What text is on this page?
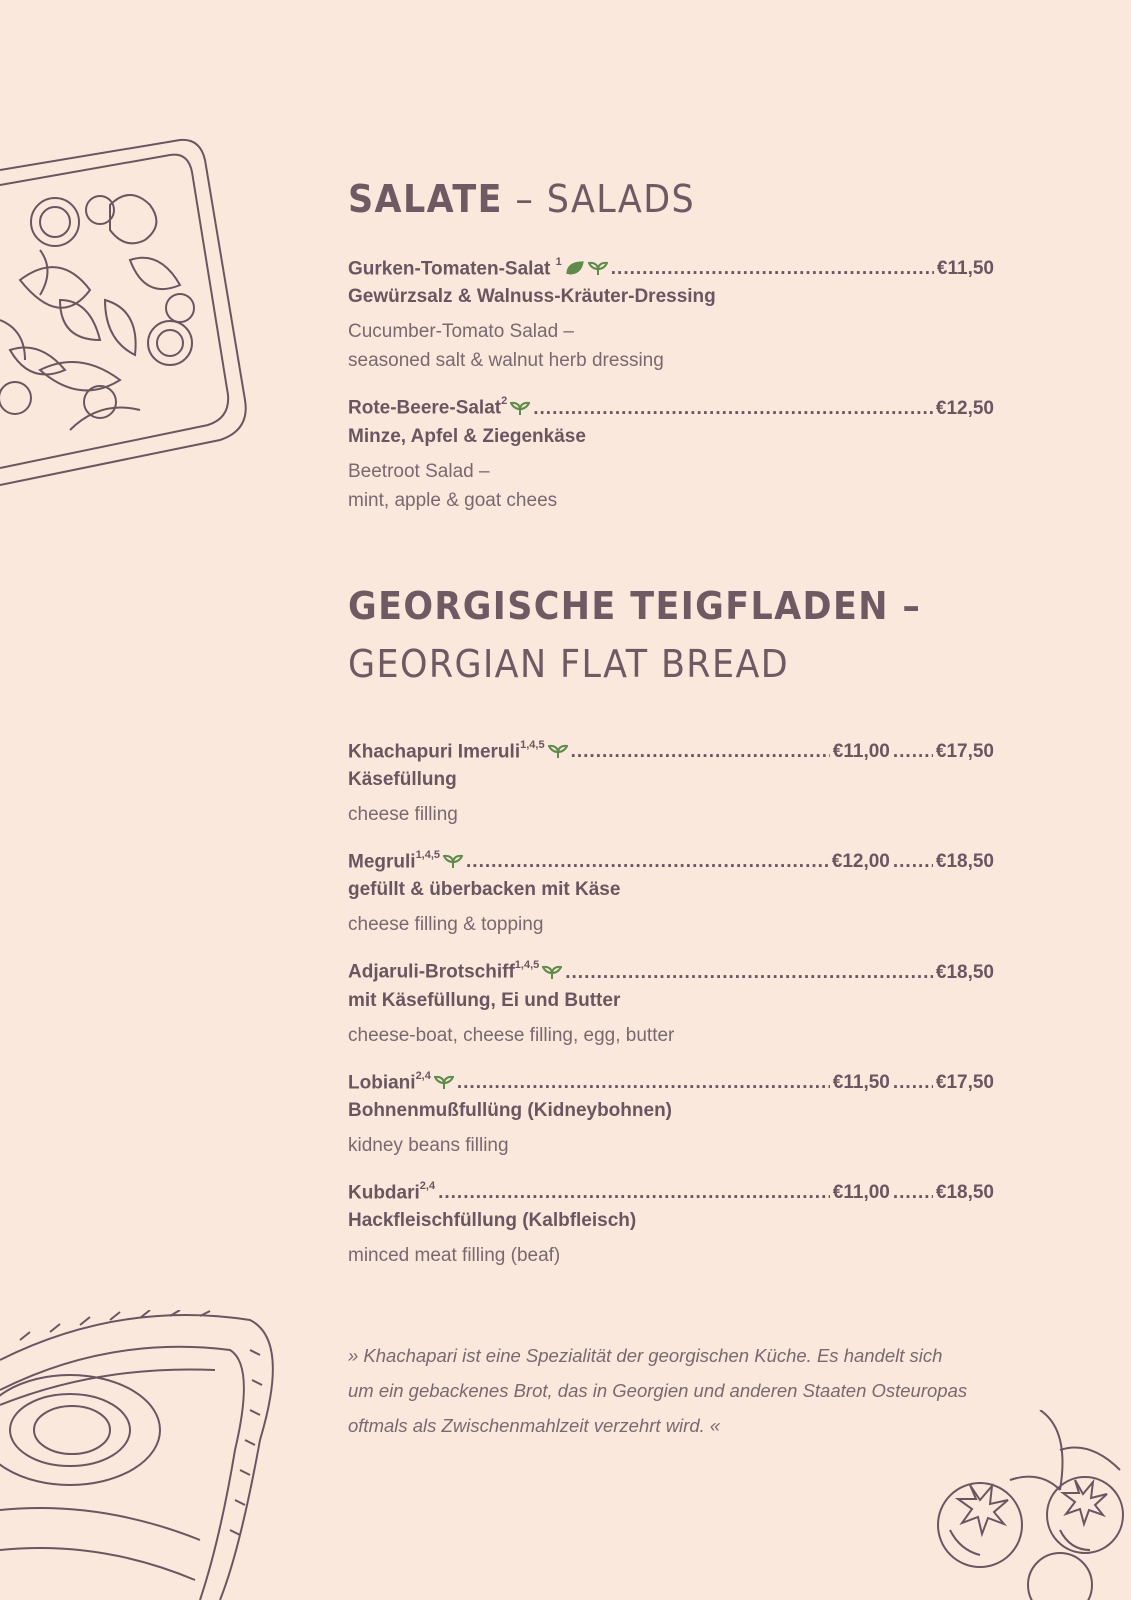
SALATE – SALADS
Gurken-Tomaten-Salat $^1$ .....	€11,50
Gewürzsalz & Walnuss-Kräuter-Dressing
Cucumber-Tomato Salad –
seasoned salt & walnut herb dressing
Rote-Beere-Salat$^2$ .....	€12,50
Minze, Apfel & Ziegenkäse
Beetroot Salad –
mint, apple & goat chees
GEORGISCHE TEIGFLADEN –
GEORGIAN FLAT BREAD
Khachapuri Imeruli$^{1,4,5}$ .....	€11,00 ..... €17,50
Käsefüllung
cheese filling
Megruli$^{1,4,5}$ .....	€12,00 ..... €18,50
gefüllt & überbacken mit Käse
cheese filling & topping
Adjaruli-Brotschiff$^{1,4,5}$ .....	€18,50
mit Käsefüllung, Ei und Butter
cheese-boat, cheese filling, egg, butter
Lobiani$^{2,4}$ .....	€11,50 ..... €17,50
Bohnenmußfullüng (Kidneybohnen)
kidney beans filling
Kubdari$^{2,4}$ .....	€11,00 ..... €18,50
Hackfleischfüllung (Kalbfleisch)
minced meat filling (beaf)
» Khachapari ist eine Spezialität der georgischen Küche. Es handelt sich
um ein gebackenes Brot, das in Georgien und anderen Staaten Osteuropas
oftmals als Zwischenmahlzeit verzehrt wird. «
